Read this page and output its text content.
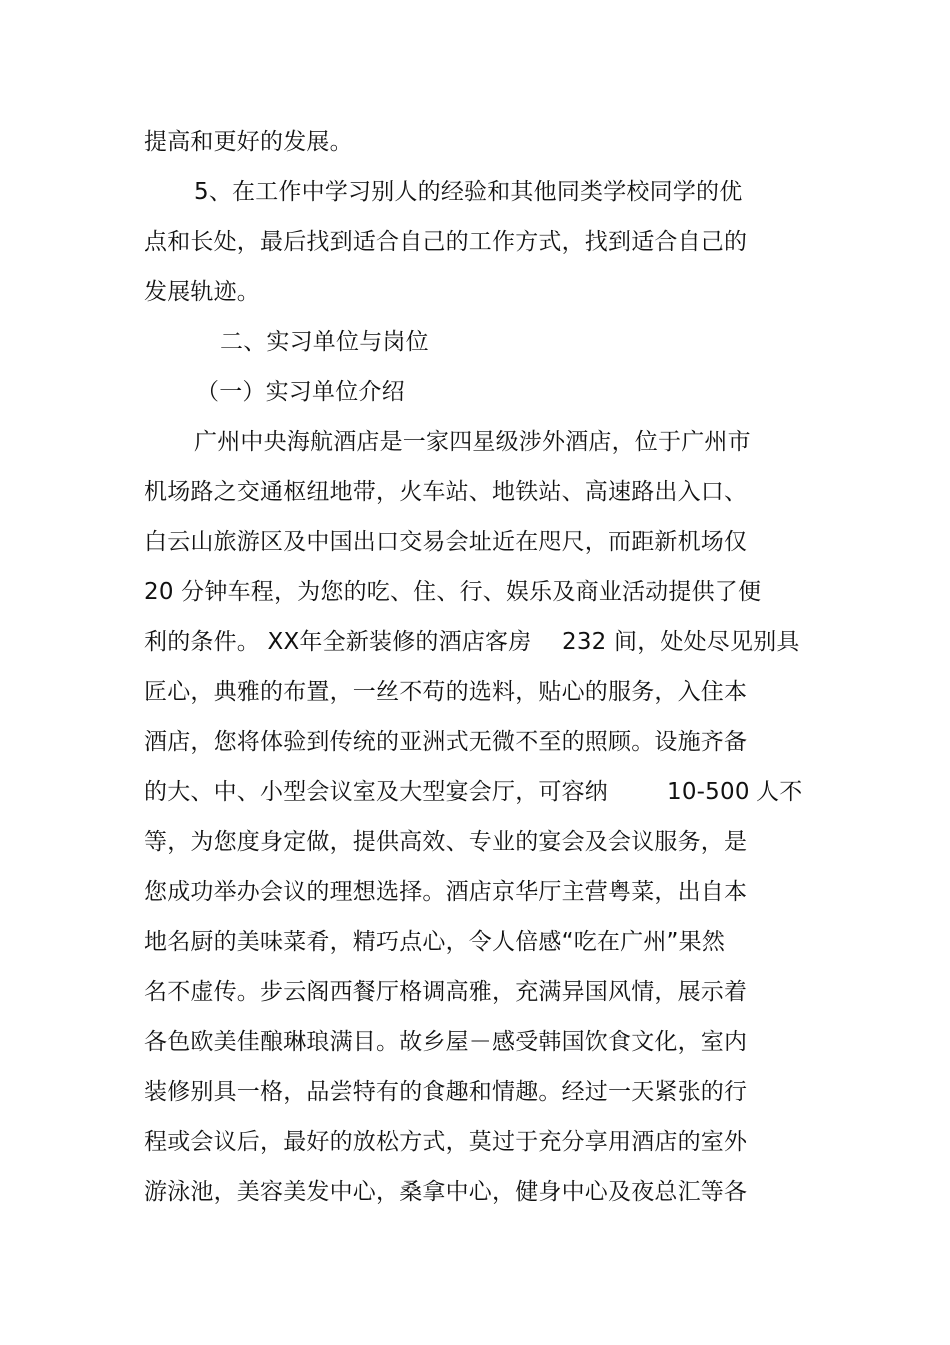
提高和更好的发展。
5、在工作中学习别人的经验和其他同类学校同学的优
点和长处，最后找到适合自己的工作方式，找到适合自己的
发展轨迹。
二、实习单位与岗位
（一）实习单位介绍
广州中央海航酒店是一家四星级涉外酒店，位于广州市
机场路之交通枢纽地带，火车站、地铁站、高速路出入口、
白云山旅游区及中国出口交易会址近在咫尺，而距新机场仅
20 分钟车程，为您的吃、住、行、娱乐及商业活动提供了便
利的条件。 XX年全新装修的酒店客房 232 间，处处尽见别具
匠心，典雅的布置，一丝不苟的选料，贴心的服务，入住本
酒店，您将体验到传统的亚洲式无微不至的照顾。设施齐备
的大、中、小型会议室及大型宴会厅，可容纳	10-500 人不
等，为您度身定做，提供高效、专业的宴会及会议服务，是
您成功举办会议的理想选择。酒店京华厅主营粤菜，出自本
地名厨的美味菜肴，精巧点心，令人倍感“吃在广州”果然
名不虚传。步云阁西餐厅格调高雅，充满异国风情，展示着
各色欧美佳酿琳琅满目。故乡屋－感受韩国饮食文化，室内
装修别具一格，品尝特有的食趣和情趣。经过一天紧张的行
程或会议后，最好的放松方式，莫过于充分享用酒店的室外
游泳池，美容美发中心，桑拿中心，健身中心及夜总汇等各
